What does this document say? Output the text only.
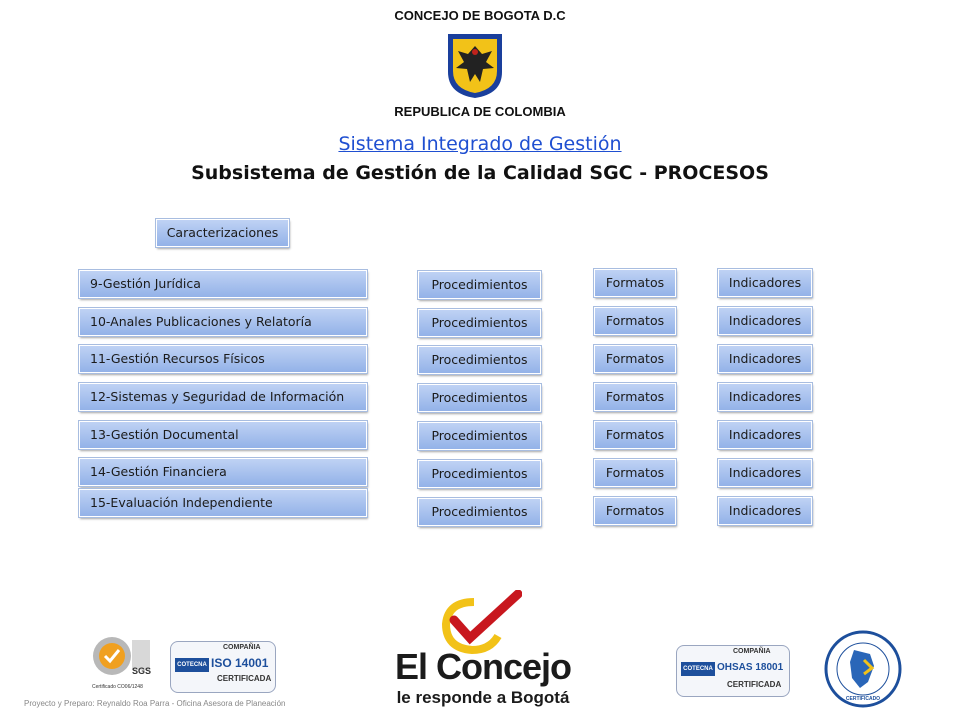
CONCEJO DE BOGOTA D.C
REPUBLICA DE COLOMBIA
Sistema Integrado de Gestión
Subsistema de Gestión de la Calidad SGC - PROCESOS
Caracterizaciones
9-Gestión Jurídica
10-Anales Publicaciones y Relatoría
11-Gestión Recursos Físicos
12-Sistemas y Seguridad de Información
13-Gestión Documental
14-Gestión Financiera
15-Evaluación Independiente
Procedimientos
Procedimientos
Procedimientos
Procedimientos
Procedimientos
Procedimientos
Procedimientos
Formatos
Formatos
Formatos
Formatos
Formatos
Formatos
Formatos
Indicadores
Indicadores
Indicadores
Indicadores
Indicadores
Indicadores
Indicadores
SGS
Certificado CO06/1248
COMPAÑIA
COTECNA ISO 14001
CERTIFICADA	El Concejo
le responde a Bogotá
COMPAÑIA
COTECNA OHSAS 18001
CERTIFICADA
CERTIFICADO
Proyecto y Preparo: Reynaldo Roa Parra - Oficina Asesora de Planeación
